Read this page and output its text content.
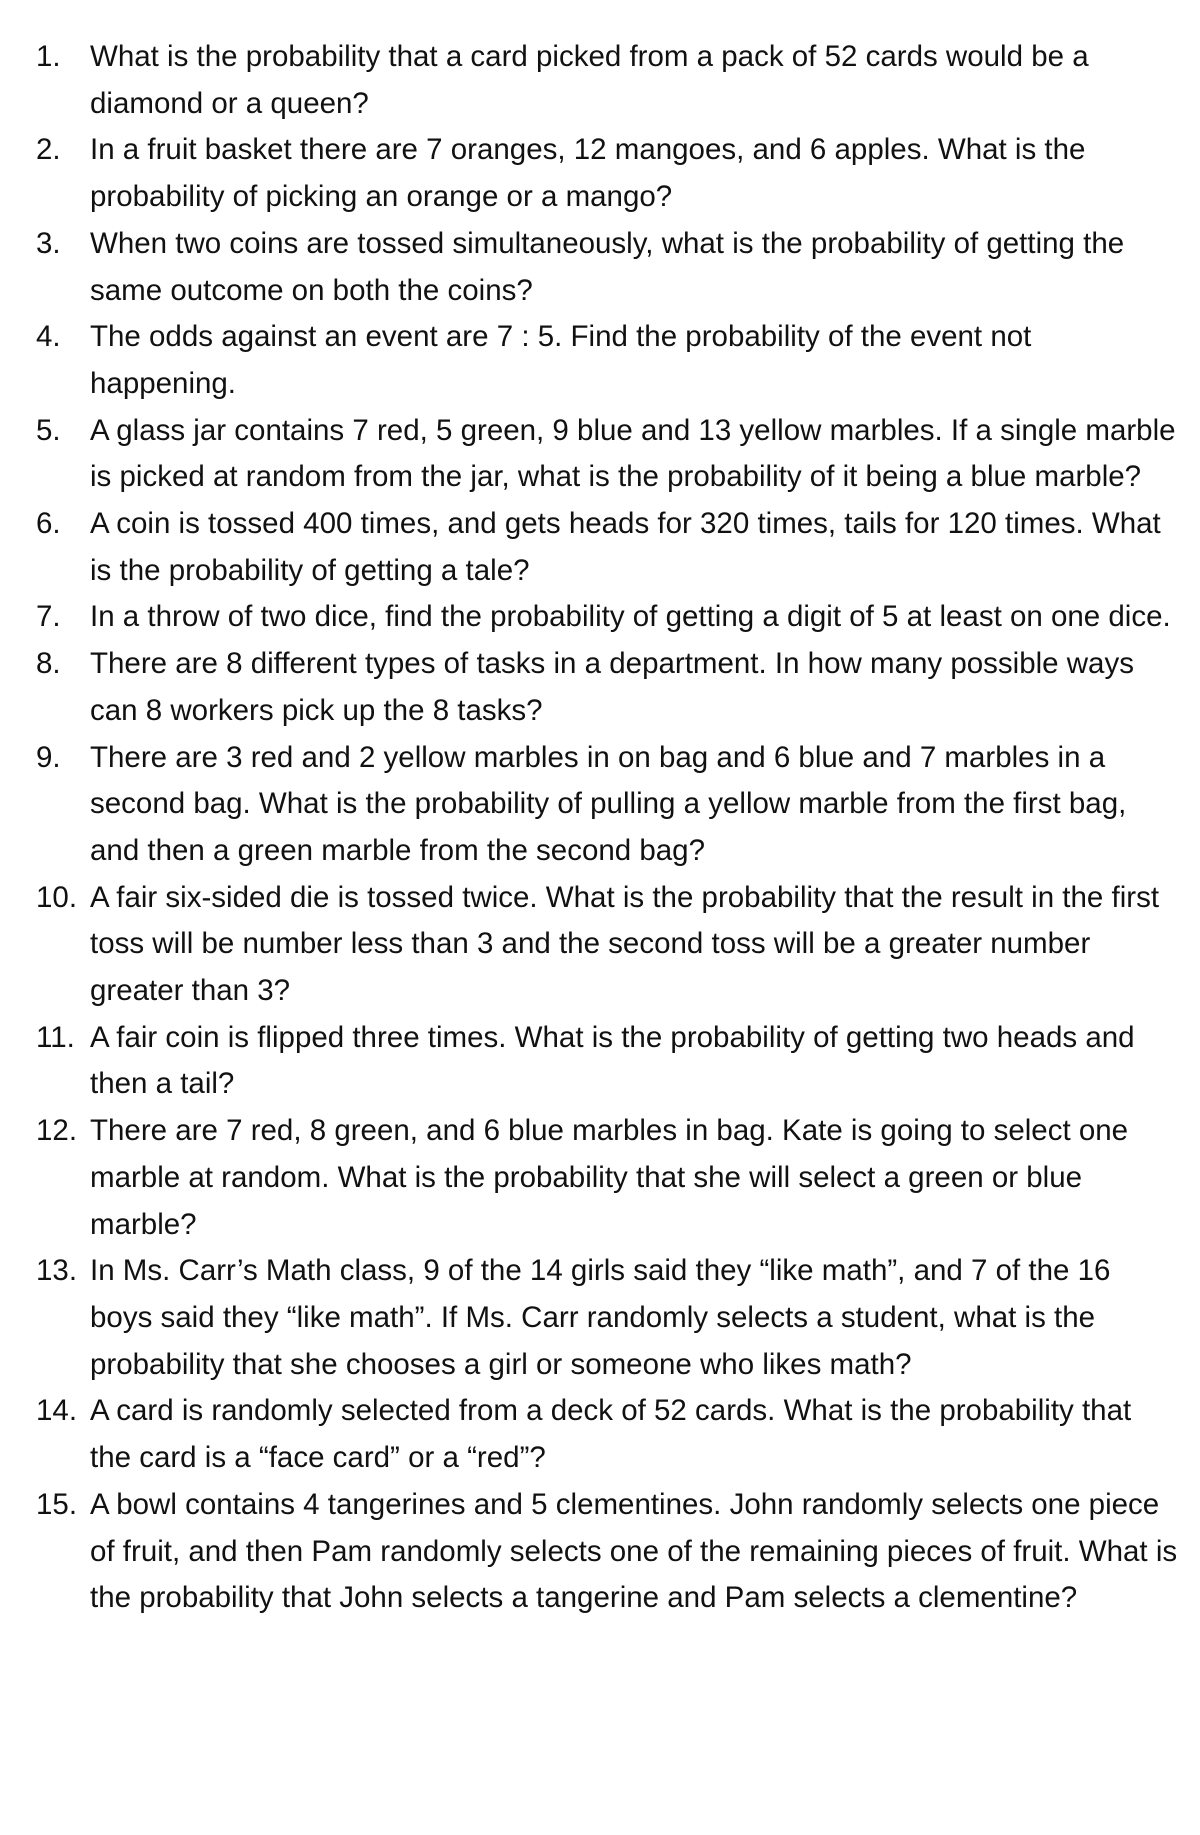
1. What is the probability that a card picked from a pack of 52 cards would be a diamond or a queen?
2. In a fruit basket there are 7 oranges, 12 mangoes, and 6 apples. What is the probability of picking an orange or a mango?
3. When two coins are tossed simultaneously, what is the probability of getting the same outcome on both the coins?
4. The odds against an event are 7 : 5. Find the probability of the event not happening.
5. A glass jar contains 7 red, 5 green, 9 blue and 13 yellow marbles. If a single marble is picked at random from the jar, what is the probability of it being a blue marble?
6. A coin is tossed 400 times, and gets heads for 320 times, tails for 120 times. What is the probability of getting a tale?
7. In a throw of two dice, find the probability of getting a digit of 5 at least on one dice.
8. There are 8 different types of tasks in a department. In how many possible ways can 8 workers pick up the 8 tasks?
9. There are 3 red and 2 yellow marbles in on bag and 6 blue and 7 marbles in a second bag. What is the probability of pulling a yellow marble from the first bag, and then a green marble from the second bag?
10. A fair six-sided die is tossed twice. What is the probability that the result in the first toss will be number less than 3 and the second toss will be a greater number greater than 3?
11. A fair coin is flipped three times. What is the probability of getting two heads and then a tail?
12. There are 7 red, 8 green, and 6 blue marbles in bag. Kate is going to select one marble at random. What is the probability that she will select a green or blue marble?
13. In Ms. Carr’s Math class, 9 of the 14 girls said they “like math”, and 7 of the 16 boys said they “like math”. If Ms. Carr randomly selects a student, what is the probability that she chooses a girl or someone who likes math?
14. A card is randomly selected from a deck of 52 cards. What is the probability that the card is a “face card” or a “red”?
15. A bowl contains 4 tangerines and 5 clementines. John randomly selects one piece of fruit, and then Pam randomly selects one of the remaining pieces of fruit. What is the probability that John selects a tangerine and Pam selects a clementine?
